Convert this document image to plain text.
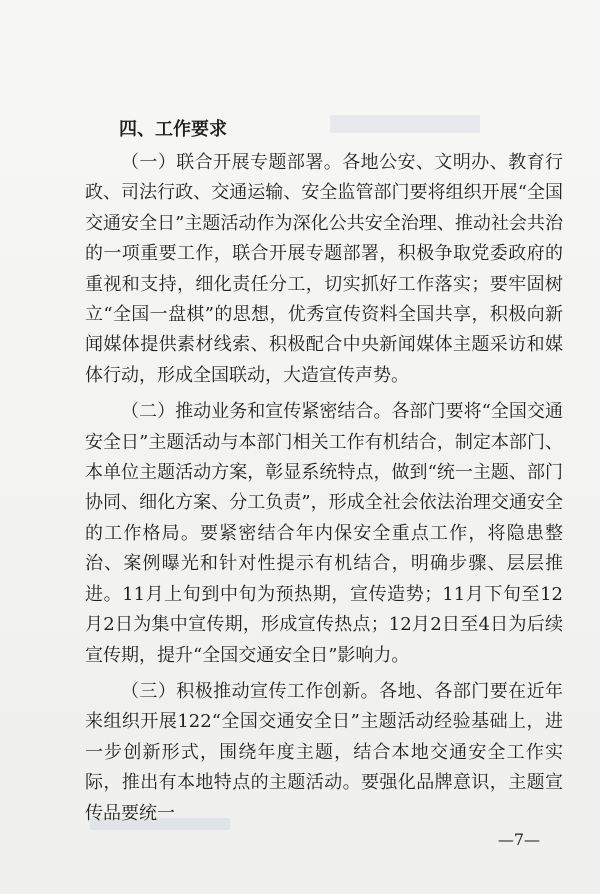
四、工作要求

（一）联合开展专题部署。各地公安、文明办、教育行政、司法行政、交通运输、安全监管部门要将组织开展“全国交通安全日”主题活动作为深化公共安全治理、推动社会共治的一项重要工作，联合开展专题部署，积极争取党委政府的重视和支持，细化责任分工，切实抓好工作落实；要牢固树立“全国一盘棋”的思想，优秀宣传资料全国共享，积极向新闻媒体提供素材线索、积极配合中央新闻媒体主题采访和媒体行动，形成全国联动，大造宣传声势。

（二）推动业务和宣传紧密结合。各部门要将“全国交通安全日”主题活动与本部门相关工作有机结合，制定本部门、本单位主题活动方案，彰显系统特点，做到“统一主题、部门协同、细化方案、分工负责”，形成全社会依法治理交通安全的工作格局。要紧密结合年内保安全重点工作，将隐患整治、案例曝光和针对性提示有机结合，明确步骤、层层推进。11月上旬到中旬为预热期，宣传造势；11月下旬至12月2日为集中宣传期，形成宣传热点；12月2日至4日为后续宣传期，提升“全国交通安全日”影响力。

（三）积极推动宣传工作创新。各地、各部门要在近年来组织开展122“全国交通安全日”主题活动经验基础上，进一步创新形式，围绕年度主题，结合本地交通安全工作实际，推出有本地特点的主题活动。要强化品牌意识，主题宣传品要统一

—7—
